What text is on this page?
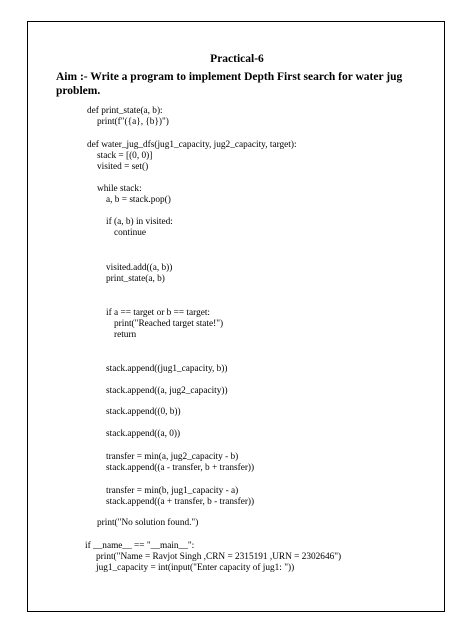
Practical-6
Aim :- Write a program to implement Depth First search for water jug problem.
def print_state(a, b):
print(f"({a}, {b})")
def water_jug_dfs(jug1_capacity, jug2_capacity, target):
stack = [(0, 0)]
visited = set()
while stack:
a, b = stack.pop()
if (a, b) in visited:
continue
visited.add((a, b))
print_state(a, b)
if a == target or b == target:
print("Reached target state!")
return
stack.append((jug1_capacity, b))
stack.append((a, jug2_capacity))
stack.append((0, b))
stack.append((a, 0))
transfer = min(a, jug2_capacity - b)
stack.append((a - transfer, b + transfer))
transfer = min(b, jug1_capacity - a)
stack.append((a + transfer, b - transfer))
print("No solution found.")
if __name__ == "__main__":
print("Name = Ravjot Singh ,CRN = 2315191 ,URN = 2302646")
jug1_capacity = int(input("Enter capacity of jug1: "))
